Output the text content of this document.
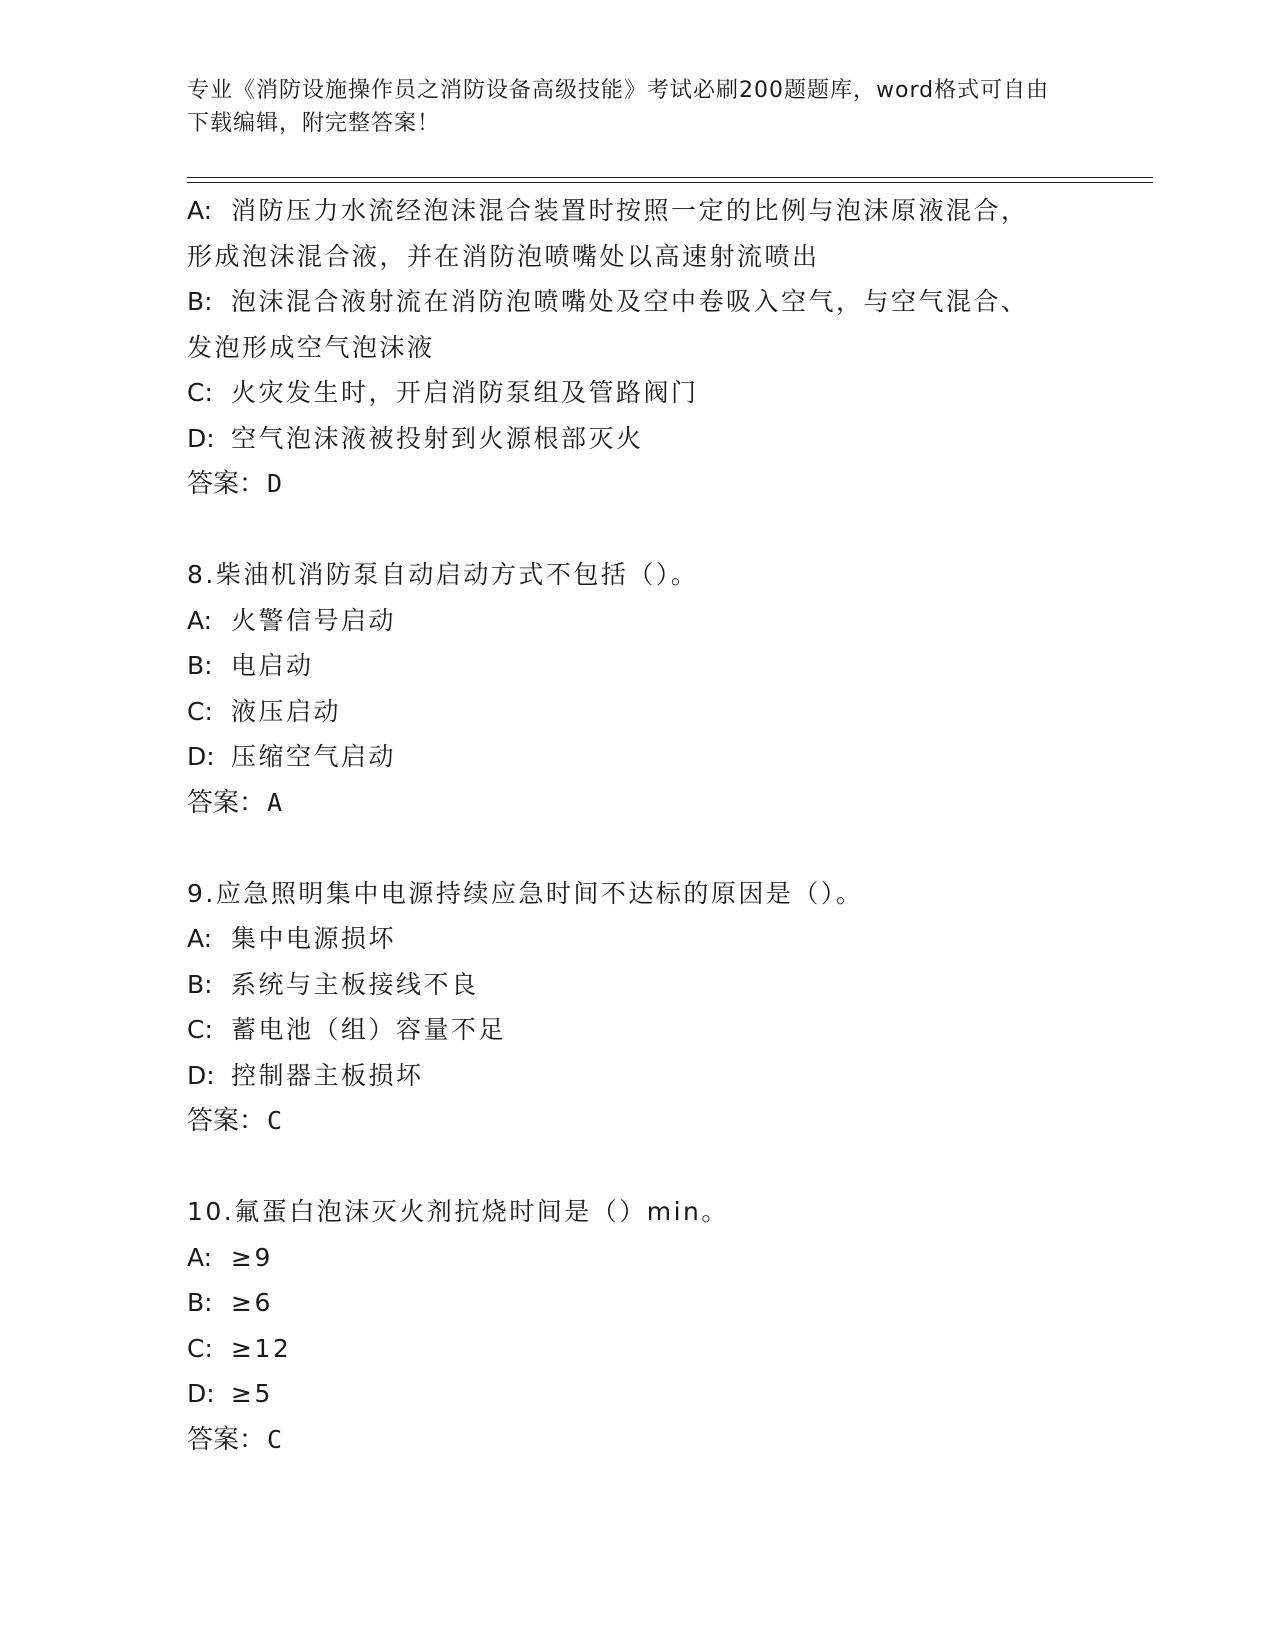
专业《消防设施操作员之消防设备高级技能》考试必刷200题题库，word格式可自由下载编辑，附完整答案！
A: 消防压力水流经泡沫混合装置时按照一定的比例与泡沫原液混合，
形成泡沫混合液，并在消防泡喷嘴处以高速射流喷出
B: 泡沫混合液射流在消防泡喷嘴处及空中卷吸入空气，与空气混合、
发泡形成空气泡沫液
C: 火灾发生时，开启消防泵组及管路阀门
D: 空气泡沫液被投射到火源根部灭火
答案：D
8.柴油机消防泵自动启动方式不包括（）。
A: 火警信号启动
B: 电启动
C: 液压启动
D: 压缩空气启动
答案：A
9.应急照明集中电源持续应急时间不达标的原因是（）。
A: 集中电源损坏
B: 系统与主板接线不良
C: 蓄电池（组）容量不足
D: 控制器主板损坏
答案：C
10.氟蛋白泡沫灭火剂抗烧时间是（）min。
A: ≥9
B: ≥6
C: ≥12
D: ≥5
答案：C
